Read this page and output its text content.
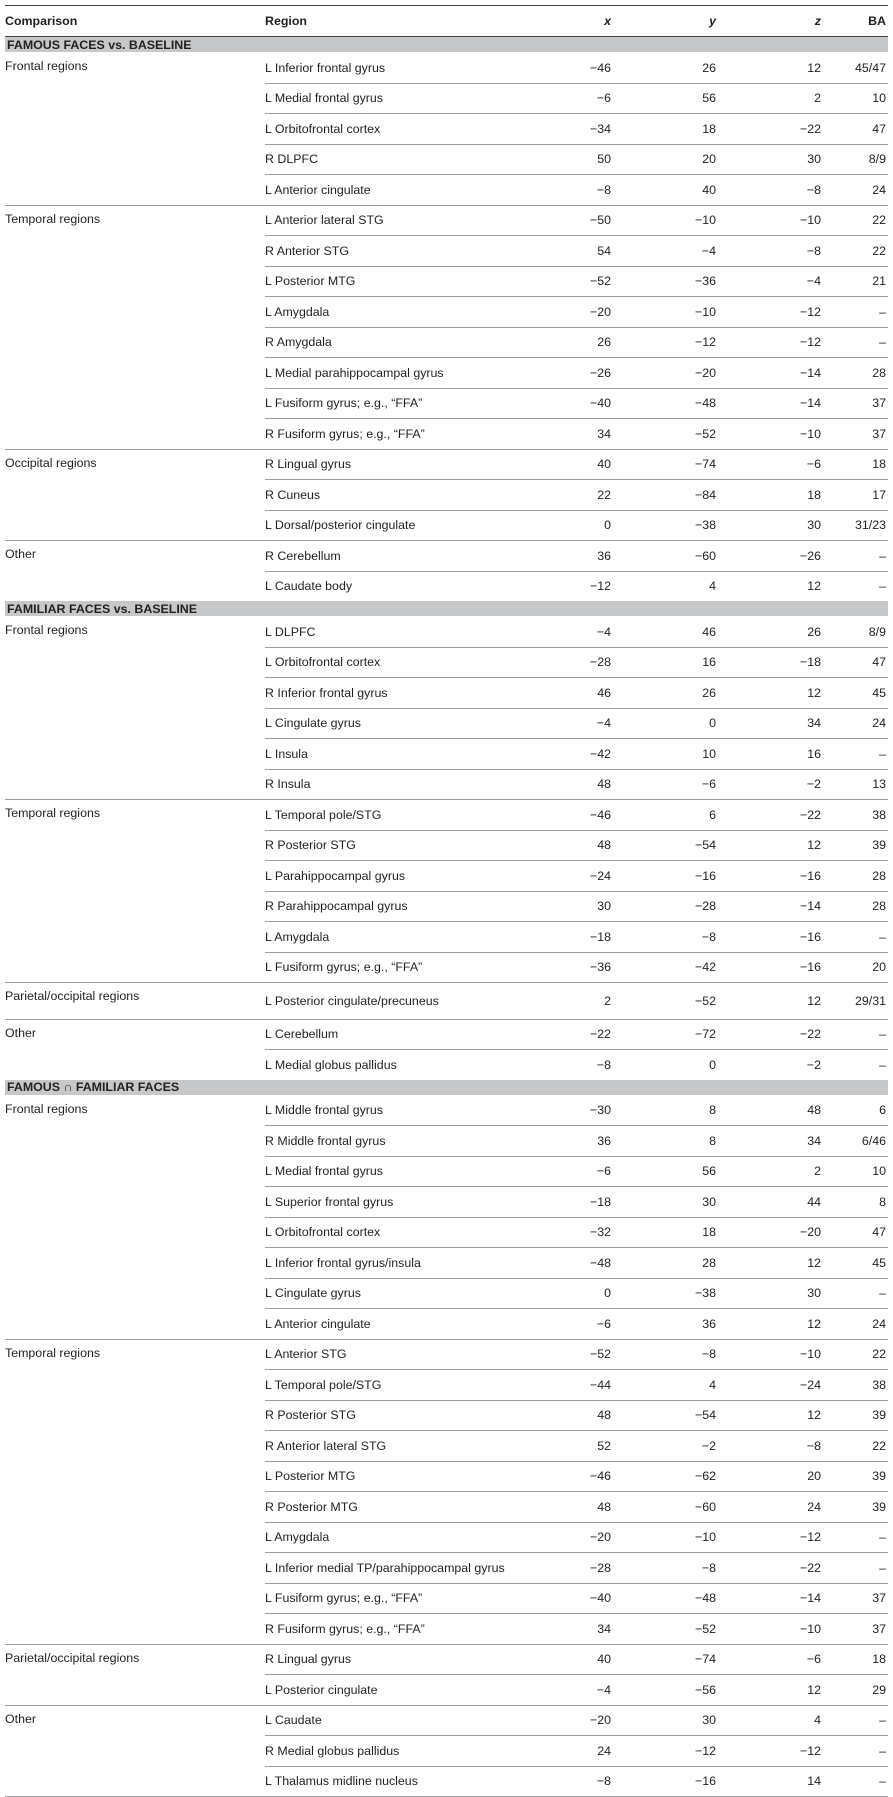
Comparison	Region	x	y	z	BA
FAMOUS FACES vs. BASELINE					
Frontal regions	L Inferior frontal gyrus	−46	26	12	45/47
	L Medial frontal gyrus	−6	56	2	10
	L Orbitofrontal cortex	−34	18	−22	47
	R DLPFC	50	20	30	8/9
	L Anterior cingulate	−8	40	−8	24
Temporal regions	L Anterior lateral STG	−50	−10	−10	22
	R Anterior STG	54	−4	−8	22
	L Posterior MTG	−52	−36	−4	21
	L Amygdala	−20	−10	−12	–
	R Amygdala	26	−12	−12	–
	L Medial parahippocampal gyrus	−26	−20	−14	28
	L Fusiform gyrus; e.g., “FFA”	−40	−48	−14	37
	R Fusiform gyrus; e.g., “FFA”	34	−52	−10	37
Occipital regions	R Lingual gyrus	40	−74	−6	18
	R Cuneus	22	−84	18	17
	L Dorsal/posterior cingulate	0	−38	30	31/23
Other	R Cerebellum	36	−60	−26	–
	L Caudate body	−12	4	12	–
FAMILIAR FACES vs. BASELINE					
Frontal regions	L DLPFC	−4	46	26	8/9
	L Orbitofrontal cortex	−28	16	−18	47
	R Inferior frontal gyrus	46	26	12	45
	L Cingulate gyrus	−4	0	34	24
	L Insula	−42	10	16	–
	R Insula	48	−6	−2	13
Temporal regions	L Temporal pole/STG	−46	6	−22	38
	R Posterior STG	48	−54	12	39
	L Parahippocampal gyrus	−24	−16	−16	28
	R Parahippocampal gyrus	30	−28	−14	28
	L Amygdala	−18	−8	−16	–
	L Fusiform gyrus; e.g., “FFA”	−36	−42	−16	20
Parietal/occipital regions	L Posterior cingulate/precuneus	2	−52	12	29/31
Other	L Cerebellum	−22	−72	−22	–
	L Medial globus pallidus	−8	0	−2	–
FAMOUS ∩ FAMILIAR FACES					
Frontal regions	L Middle frontal gyrus	−30	8	48	6
	R Middle frontal gyrus	36	8	34	6/46
	L Medial frontal gyrus	−6	56	2	10
	L Superior frontal gyrus	−18	30	44	8
	L Orbitofrontal cortex	−32	18	−20	47
	L Inferior frontal gyrus/insula	−48	28	12	45
	L Cingulate gyrus	0	−38	30	–
	L Anterior cingulate	−6	36	12	24
Temporal regions	L Anterior STG	−52	−8	−10	22
	L Temporal pole/STG	−44	4	−24	38
	R Posterior STG	48	−54	12	39
	R Anterior lateral STG	52	−2	−8	22
	L Posterior MTG	−46	−62	20	39
	R Posterior MTG	48	−60	24	39
	L Amygdala	−20	−10	−12	–
	L Inferior medial TP/parahippocampal gyrus	−28	−8	−22	–
	L Fusiform gyrus; e.g., “FFA”	−40	−48	−14	37
	R Fusiform gyrus; e.g., “FFA”	34	−52	−10	37
Parietal/occipital regions	R Lingual gyrus	40	−74	−6	18
	L Posterior cingulate	−4	−56	12	29
Other	L Caudate	−20	30	4	–
	R Medial globus pallidus	24	−12	−12	–
	L Thalamus midline nucleus	−8	−16	14	–
